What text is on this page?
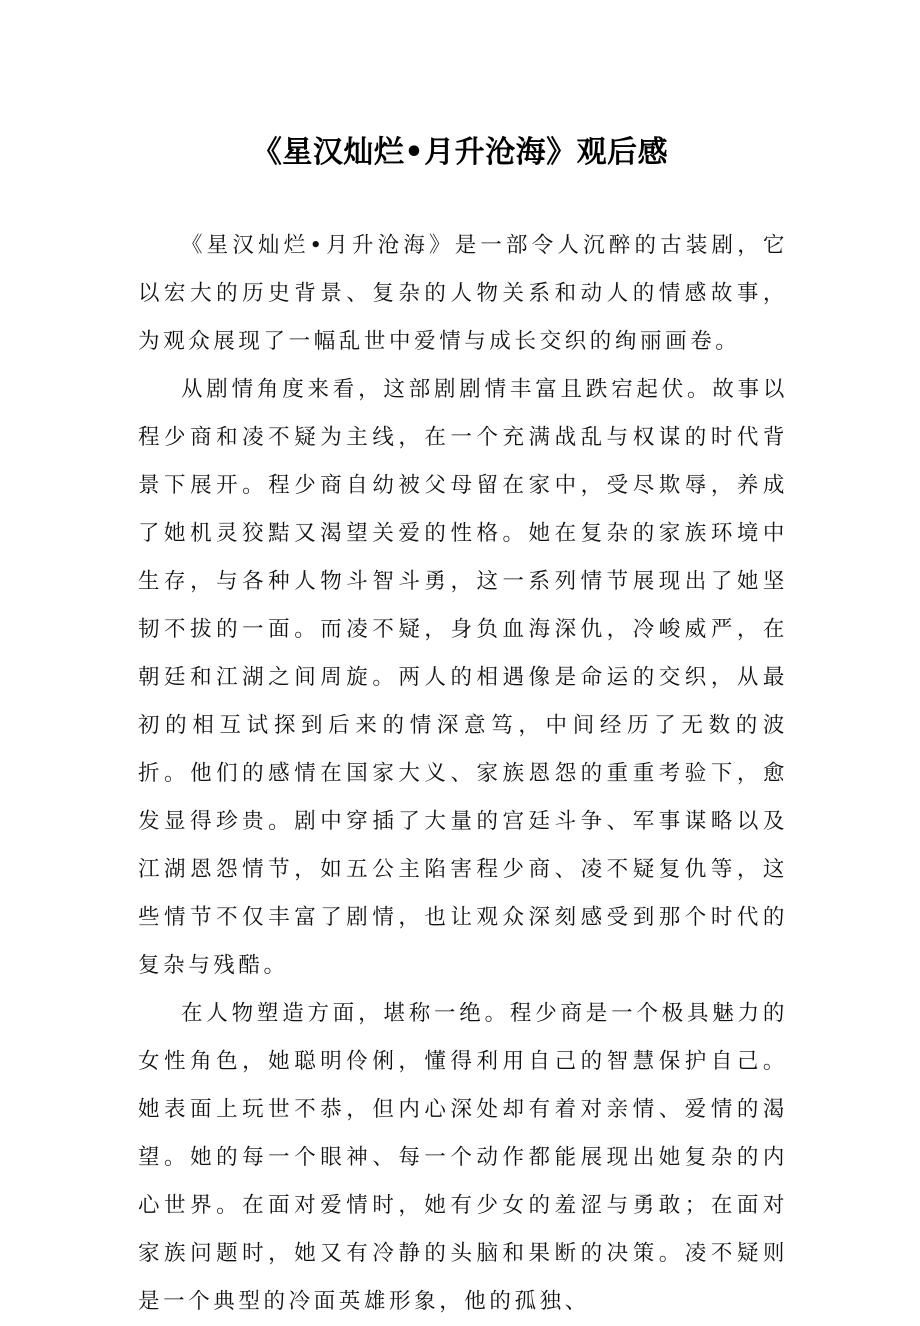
《星汉灿烂•月升沧海》观后感

《星汉灿烂•月升沧海》是一部令人沉醉的古装剧，它以宏大的历史背景、复杂的人物关系和动人的情感故事，为观众展现了一幅乱世中爱情与成长交织的绚丽画卷。

从剧情角度来看，这部剧剧情丰富且跌宕起伏。故事以程少商和凌不疑为主线，在一个充满战乱与权谋的时代背景下展开。程少商自幼被父母留在家中，受尽欺辱，养成了她机灵狡黠又渴望关爱的性格。她在复杂的家族环境中生存，与各种人物斗智斗勇，这一系列情节展现出了她坚韧不拔的一面。而凌不疑，身负血海深仇，冷峻威严，在朝廷和江湖之间周旋。两人的相遇像是命运的交织，从最初的相互试探到后来的情深意笃，中间经历了无数的波折。他们的感情在国家大义、家族恩怨的重重考验下，愈发显得珍贵。剧中穿插了大量的宫廷斗争、军事谋略以及江湖恩怨情节，如五公主陷害程少商、凌不疑复仇等，这些情节不仅丰富了剧情，也让观众深刻感受到那个时代的复杂与残酷。

在人物塑造方面，堪称一绝。程少商是一个极具魅力的女性角色，她聪明伶俐，懂得利用自己的智慧保护自己。她表面上玩世不恭，但内心深处却有着对亲情、爱情的渴望。她的每一个眼神、每一个动作都能展现出她复杂的内心世界。在面对爱情时，她有少女的羞涩与勇敢；在面对家族问题时，她又有冷静的头脑和果断的决策。凌不疑则是一个典型的冷面英雄形象，他的孤独、
